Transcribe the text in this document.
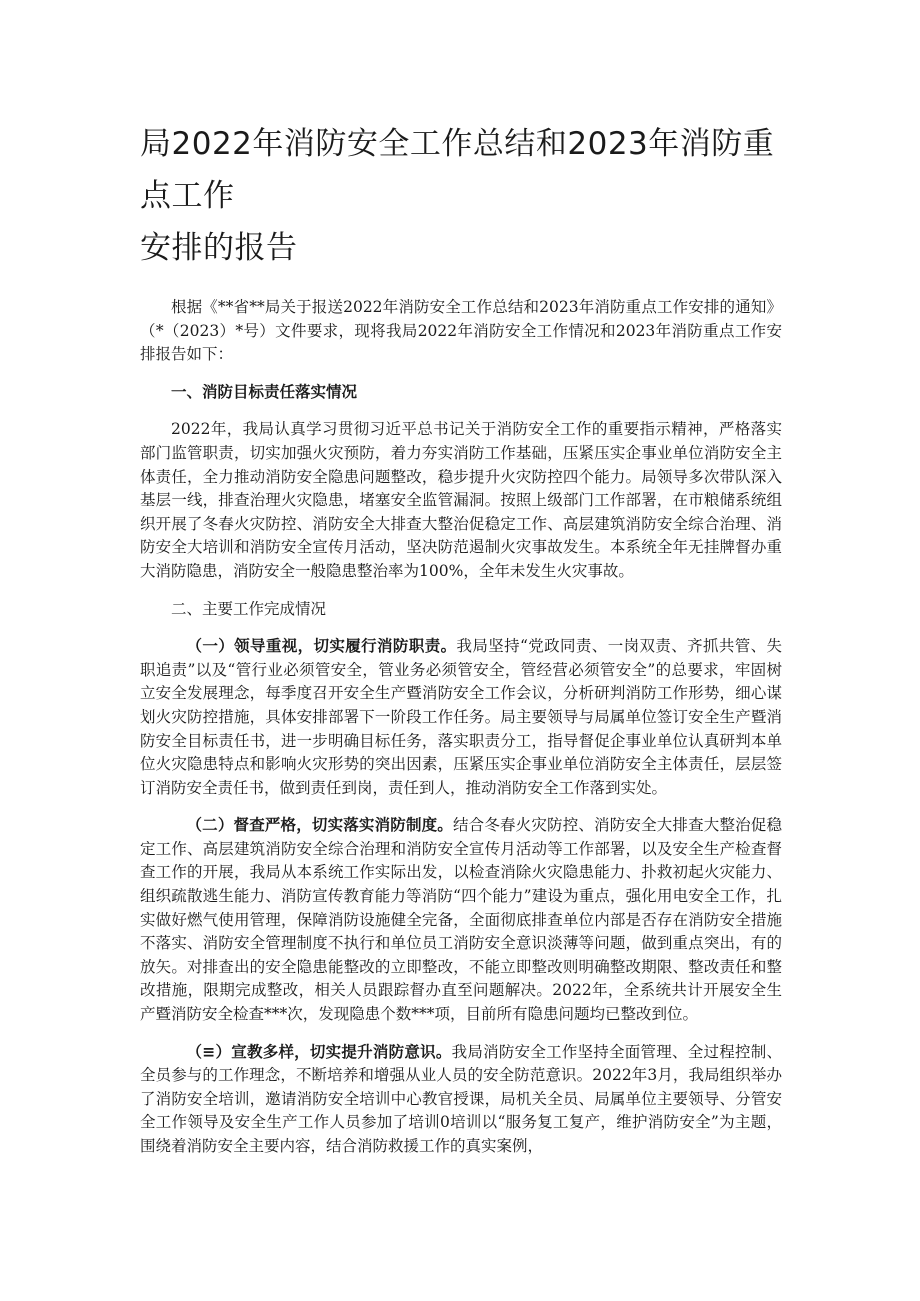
局2022年消防安全工作总结和2023年消防重点工作
安排的报告

根据《**省**局关于报送2022年消防安全工作总结和2023年消防重点工作安排的通知》（*（2023）*号）文件要求，现将我局2022年消防安全工作情况和2023年消防重点工作安排报告如下：

一、消防目标责任落实情况

2022年，我局认真学习贯彻习近平总书记关于消防安全工作的重要指示精神，严格落实部门监管职责，切实加强火灾预防，着力夯实消防工作基础，压紧压实企事业单位消防安全主体责任，全力推动消防安全隐患问题整改，稳步提升火灾防控四个能力。局领导多次带队深入基层一线，排查治理火灾隐患，堵塞安全监管漏洞。按照上级部门工作部署，在市粮储系统组织开展了冬春火灾防控、消防安全大排查大整治促稳定工作、高层建筑消防安全综合治理、消防安全大培训和消防安全宣传月活动，坚决防范遏制火灾事故发生。本系统全年无挂牌督办重大消防隐患，消防安全一般隐患整治率为100%，全年未发生火灾事故。

二、主要工作完成情况

（一）领导重视，切实履行消防职责。我局坚持“党政同责、一岗双责、齐抓共管、失职追责”以及“管行业必须管安全，管业务必须管安全，管经营必须管安全”的总要求，牢固树立安全发展理念，每季度召开安全生产暨消防安全工作会议，分析研判消防工作形势，细心谋划火灾防控措施，具体安排部署下一阶段工作任务。局主要领导与局属单位签订安全生产暨消防安全目标责任书，进一步明确目标任务，落实职责分工，指导督促企事业单位认真研判本单位火灾隐患特点和影响火灾形势的突出因素，压紧压实企事业单位消防安全主体责任，层层签订消防安全责任书，做到责任到岗，责任到人，推动消防安全工作落到实处。

（二）督查严格，切实落实消防制度。结合冬春火灾防控、消防安全大排查大整治促稳定工作、高层建筑消防安全综合治理和消防安全宣传月活动等工作部署，以及安全生产检查督查工作的开展，我局从本系统工作实际出发，以检查消除火灾隐患能力、扑救初起火灾能力、组织疏散逃生能力、消防宣传教育能力等消防“四个能力”建设为重点，强化用电安全工作，扎实做好燃气使用管理，保障消防设施健全完备，全面彻底排查单位内部是否存在消防安全措施不落实、消防安全管理制度不执行和单位员工消防安全意识淡薄等问题，做到重点突出，有的放矢。对排查出的安全隐患能整改的立即整改，不能立即整改则明确整改期限、整改责任和整改措施，限期完成整改，相关人员跟踪督办直至问题解决。2022年，全系统共计开展安全生产暨消防安全检查***次，发现隐患个数***项，目前所有隐患问题均已整改到位。

（≡）宣教多样，切实提升消防意识。我局消防安全工作坚持全面管理、全过程控制、全员参与的工作理念，不断培养和增强从业人员的安全防范意识。2022年3月，我局组织举办了消防安全培训，邀请消防安全培训中心教官授课，局机关全员、局属单位主要领导、分管安全工作领导及安全生产工作人员参加了培训0培训以“服务复工复产，维护消防安全”为主题，围绕着消防安全主要内容，结合消防救援工作的真实案例，
